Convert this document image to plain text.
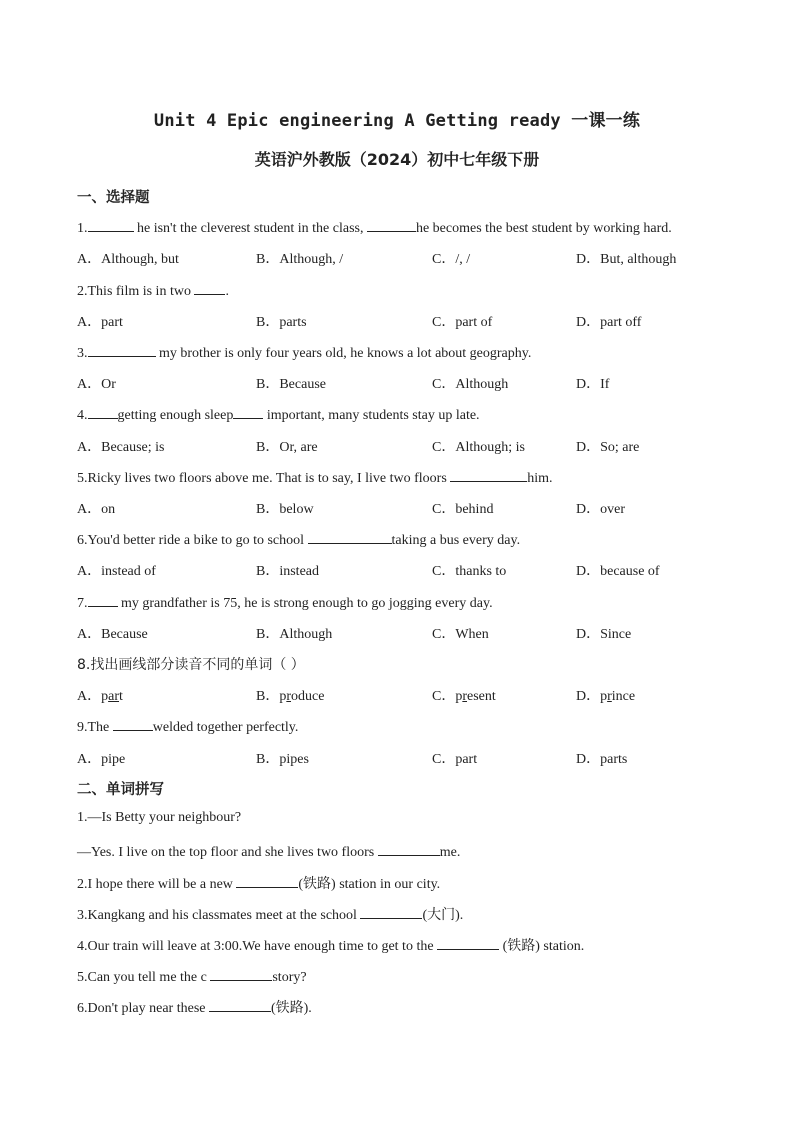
Unit 4 Epic engineering A Getting ready 一课一练
英语沪外教版（2024）初中七年级下册
一、选择题
1.	he isn't the cleverest student in the class,	he becomes the best student by working hard.
A．Although, but	B．Although, /	C．/, /	D．But, although
2.This film is in two .
A．part	B．parts	C．part of	D．part off
3.	my brother is only four years old, he knows a lot about geography.
A．Or	B．Because	C．Although	D．If
4. getting enough sleep important, many students stay up late.
A．Because; is	B．Or, are	C．Although; is	D．So; are
5.Ricky lives two floors above me. That is to say, I live two floors	him.
A．on	B．below	C．behind	D．over
6.You'd better ride a bike to go to school	taking a bus every day.
A．instead of	B．instead	C．thanks to	D．because of
7. my grandfather is 75, he is strong enough to go jogging every day.
A．Because	B．Although	C．When	D．Since
8.找出画线部分读音不同的单词（ ）
A．part	B．produce	C．present	D．prince
9.The	welded together perfectly.
A．pipe	B．pipes	C．part	D．parts
二、单词拼写
1.—Is Betty your neighbour?
—Yes. I live on the top floor and she lives two floors	me.
2.I hope there will be a new	(铁路) station in our city.
3.Kangkang and his classmates meet at the school	(大门).
4.Our train will leave at 3:00.We have enough time to get to the	(铁路) station.
5.Can you tell me the c	story?
6.Don't play near these	(铁路).
